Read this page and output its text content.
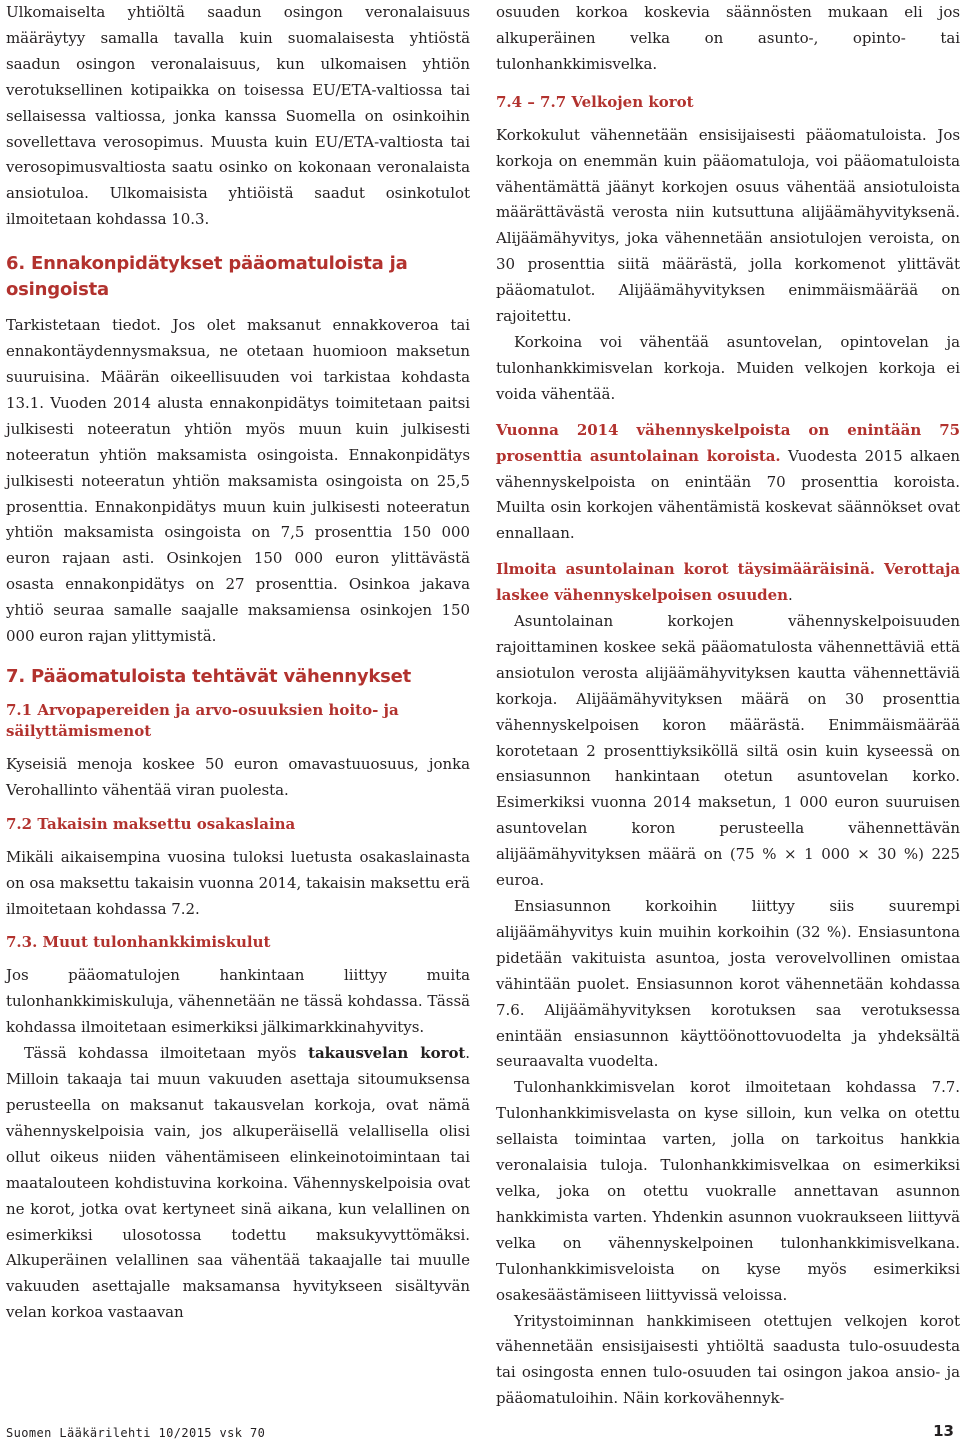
Ulkomaiselta yhtiöltä saadun osingon veronalaisuus määräytyy samalla tavalla kuin suomalaisesta yhtiöstä saadun osingon veronalaisuus, kun ulkomaisen yhtiön verotuksellinen kotipaikka on toisessa EU/ETA-valtiossa tai sellaisessa valtiossa, jonka kanssa Suomella on osinkoihin sovellettava verosopimus. Muusta kuin EU/ETA-valtiosta tai verosopimusvaltiosta saatu osinko on kokonaan veronalaista ansiotuloa. Ulkomaisista yhtiöistä saadut osinkotulot ilmoitetaan kohdassa 10.3.

6. Ennakonpidätykset pääomatuloista ja osingoista

Tarkistetaan tiedot. Jos olet maksanut ennakkoveroa tai ennakontäydennysmaksua, ne otetaan huomioon maksetun suuruisina. Määrän oikeellisuuden voi tarkistaa kohdasta 13.1. Vuoden 2014 alusta ennakonpidätys toimitetaan paitsi julkisesti noteeratun yhtiön myös muun kuin julkisesti noteeratun yhtiön maksamista osingoista. Ennakonpidätys julkisesti noteeratun yhtiön maksamista osingoista on 25,5 prosenttia. Ennakonpidätys muun kuin julkisesti noteeratun yhtiön maksamista osingoista on 7,5 prosenttia 150 000 euron rajaan asti. Osinkojen 150 000 euron ylittävästä osasta ennakonpidätys on 27 prosenttia. Osinkoa jakava yhtiö seuraa samalle saajalle maksamiensa osinkojen 150 000 euron rajan ylittymistä.

7. Pääomatuloista tehtävät vähennykset
7.1 Arvopapereiden ja arvo-osuuksien hoito- ja säilyttämismenot

Kyseisiä menoja koskee 50 euron omavastuuosuus, jonka Verohallinto vähentää viran puolesta.

7.2 Takaisin maksettu osakaslaina

Mikäli aikaisempina vuosina tuloksi luetusta osakaslainasta on osa maksettu takaisin vuonna 2014, takaisin maksettu erä ilmoitetaan kohdassa 7.2.

7.3. Muut tulonhankkimiskulut

Jos pääomatulojen hankintaan liittyy muita tulonhankkimiskuluja, vähennetään ne tässä kohdassa. Tässä kohdassa ilmoitetaan esimerkiksi jälkimarkkinahyvitys.

Tässä kohdassa ilmoitetaan myös takausvelan korot. Milloin takaaja tai muun vakuuden asettaja sitoumuksensa perusteella on maksanut takausvelan korkoja, ovat nämä vähennyskelpoisia vain, jos alkuperäisellä velallisella olisi ollut oikeus niiden vähentämiseen elinkeinotoimintaan tai maatalouteen kohdistuvina korkoina. Vähennyskelpoisia ovat ne korot, jotka ovat kertyneet sinä aikana, kun velallinen on esimerkiksi ulosotossa todettu maksukyvyttömäksi. Alkuperäinen velallinen saa vähentää takaajalle tai muulle vakuuden asettajalle maksamansa hyvitykseen sisältyvän velan korkoa vastaavan

osuuden korkoa koskevia säännösten mukaan eli jos alkuperäinen velka on asunto-, opinto- tai tulonhankkimisvelka.

7.4 – 7.7 Velkojen korot

Korkokulut vähennetään ensisijaisesti pääomatuloista. Jos korkoja on enemmän kuin pääomatuloja, voi pääomatuloista vähentämättä jäänyt korkojen osuus vähentää ansiotuloista määrättävästä verosta niin kutsuttuna alijäämähyvityksenä. Alijäämähyvitys, joka vähennetään ansiotulojen veroista, on 30 prosenttia siitä määrästä, jolla korkomenot ylittävät pääomatulot. Alijäämähyvityksen enimmäismäärää on rajoitettu.

Korkoina voi vähentää asuntovelan, opintovelan ja tulonhankkimisvelan korkoja. Muiden velkojen korkoja ei voida vähentää.

Vuonna 2014 vähennyskelpoista on enintään 75 prosenttia asuntolainan koroista. Vuodesta 2015 alkaen vähennyskelpoista on enintään 70 prosenttia koroista. Muilta osin korkojen vähentämistä koskevat säännökset ovat ennallaan.

Ilmoita asuntolainan korot täysimääräisinä. Verottaja laskee vähennyskelpoisen osuuden.

Asuntolainan korkojen vähennyskelpoisuuden rajoittaminen koskee sekä pääomatulosta vähennettäviä että ansiotulon verosta alijäämähyvityksen kautta vähennettäviä korkoja. Alijäämähyvityksen määrä on 30 prosenttia vähennyskelpoisen koron määrästä. Enimmäismäärää korotetaan 2 prosenttiyksiköllä siltä osin kuin kyseessä on ensiasunnon hankintaan otetun asuntovelan korko. Esimerkiksi vuonna 2014 maksetun, 1 000 euron suuruisen asuntovelan koron perusteella vähennettävän alijäämähyvityksen määrä on (75 % × 1 000 × 30 %) 225 euroa.

Ensiasunnon korkoihin liittyy siis suurempi alijäämähyvitys kuin muihin korkoihin (32 %). Ensiasuntona pidetään vakituista asuntoa, josta verovelvollinen omistaa vähintään puolet. Ensiasunnon korot vähennetään kohdassa 7.6. Alijäämähyvityksen korotuksen saa verotuksessa enintään ensiasunnon käyttöönottovuodelta ja yhdeksältä seuraavalta vuodelta.

Tulonhankkimisvelan korot ilmoitetaan kohdassa 7.7. Tulonhankkimisvelasta on kyse silloin, kun velka on otettu sellaista toimintaa varten, jolla on tarkoitus hankkia veronalaisia tuloja. Tulonhankkimisvelkaa on esimerkiksi velka, joka on otettu vuokralle annettavan asunnon hankkimista varten. Yhdenkin asunnon vuokraukseen liittyvä velka on vähennyskelpoinen tulonhankkimisvelkana. Tulonhankkimisveloista on kyse myös esimerkiksi osakesäästämiseen liittyvissä veloissa.

Yritystoiminnan hankkimiseen otettujen velkojen korot vähennetään ensisijaisesti yhtiöltä saadusta tulo-osuudesta tai osingosta ennen tulo-osuuden tai osingon jakoa ansio- ja pääomatuloihin. Näin korkovähennyk-

Suomen Lääkärilehti 10/2015 vsk 70	13
